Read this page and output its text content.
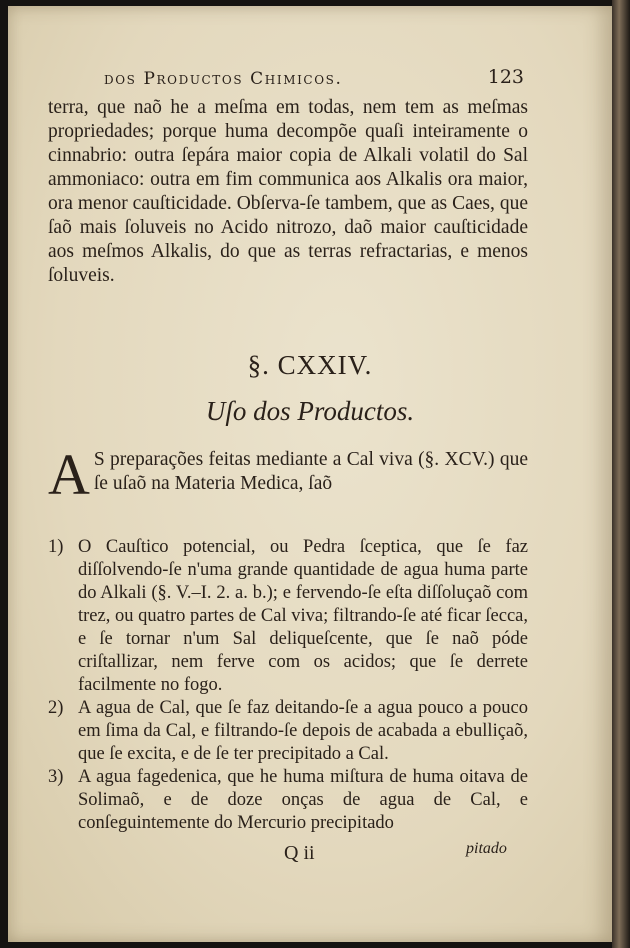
dos Productos Chimicos.	123

terra, que naõ he a meſma em todas, nem tem as meſmas propriedades; porque huma decompõe quaſi inteiramente o cinnabrio: outra ſepára maior copia de Alkali volatil do Sal ammoniaco: outra em fim communica aos Alkalis ora maior, ora menor cauſticidade. Obſerva-ſe tambem, que as Caes, que ſaõ mais ſoluveis no Acido nitrozo, daõ maior cauſticidade aos meſmos Alkalis, do que as terras refractarias, e menos ſoluveis.

§. CXXIV.
Uſo dos Productos.

A S preparações feitas mediante a Cal viva (§. XCV.) que ſe uſaõ na Materia Medica, ſaõ

1) O Cauſtico potencial, ou Pedra ſceptica, que ſe faz diſſolvendo-ſe n'uma grande quantidade de agua huma parte do Alkali (§. V.–I. 2. a. b.); e fervendo-ſe eſta diſſoluçaõ com trez, ou quatro partes de Cal viva; filtrando-ſe até ficar ſecca, e ſe tornar n'um Sal deliqueſcente, que ſe naõ póde criſtallizar, nem ferve com os acidos; que ſe derrete facilmente no fogo.
2) A agua de Cal, que ſe faz deitando-ſe a agua pouco a pouco em ſima da Cal, e filtrando-ſe depois de acabada a ebulliçaõ, que ſe excita, e de ſe ter precipitado a Cal.
3) A agua fagedenica, que he huma miſtura de huma oitava de Solimaõ, e de doze onças de agua de Cal, e conſeguintemente do Mercurio precipitado
Q ii	pitado
